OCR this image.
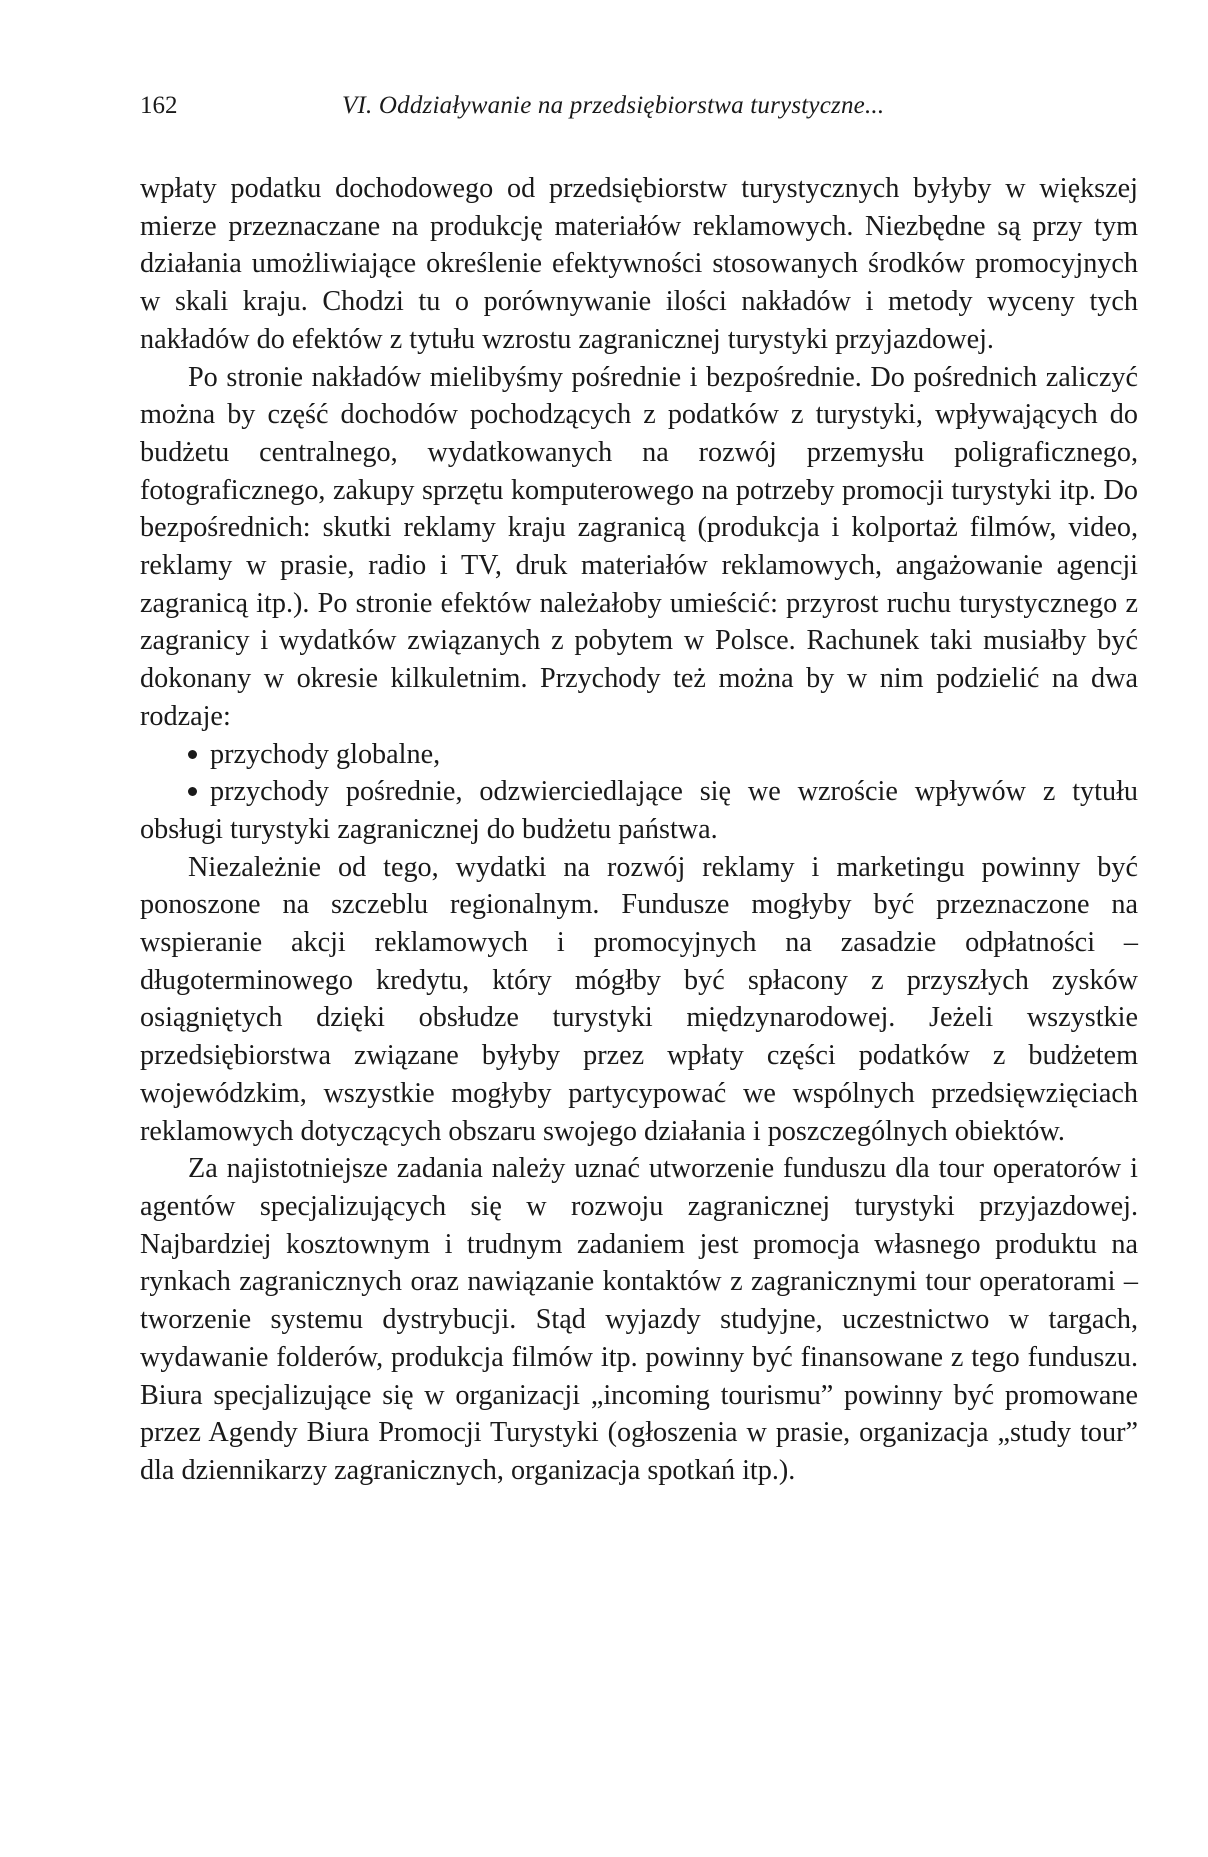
162	VI. Oddziaływanie na przedsiębiorstwa turystyczne...

wpłaty podatku dochodowego od przedsiębiorstw turystycznych byłyby w większej mierze przeznaczane na produkcję materiałów reklamowych. Niezbędne są przy tym działania umożliwiające określenie efektywności stosowanych środków promocyjnych w skali kraju. Chodzi tu o porównywanie ilości nakładów i metody wyceny tych nakładów do efektów z tytułu wzrostu zagranicznej turystyki przyjazdowej.

Po stronie nakładów mielibyśmy pośrednie i bezpośrednie. Do pośrednich zaliczyć można by część dochodów pochodzących z podatków z turystyki, wpływających do budżetu centralnego, wydatkowanych na rozwój przemysłu poligraficznego, fotograficznego, zakupy sprzętu komputerowego na potrzeby promocji turystyki itp. Do bezpośrednich: skutki reklamy kraju zagranicą (produkcja i kolportaż filmów, video, reklamy w prasie, radio i TV, druk materiałów reklamowych, angażowanie agencji zagranicą itp.). Po stronie efektów należałoby umieścić: przyrost ruchu turystycznego z zagranicy i wydatków związanych z pobytem w Polsce. Rachunek taki musiałby być dokonany w okresie kilkuletnim. Przychody też można by w nim podzielić na dwa rodzaje:

przychody globalne,
przychody pośrednie, odzwierciedlające się we wzroście wpływów z tytułu obsługi turystyki zagranicznej do budżetu państwa.

Niezależnie od tego, wydatki na rozwój reklamy i marketingu powinny być ponoszone na szczeblu regionalnym. Fundusze mogłyby być przeznaczone na wspieranie akcji reklamowych i promocyjnych na zasadzie odpłatności – długoterminowego kredytu, który mógłby być spłacony z przyszłych zysków osiągniętych dzięki obsłudze turystyki międzynarodowej. Jeżeli wszystkie przedsiębiorstwa związane byłyby przez wpłaty części podatków z budżetem wojewódzkim, wszystkie mogłyby partycypować we wspólnych przedsięwzięciach reklamowych dotyczących obszaru swojego działania i poszczególnych obiektów.

Za najistotniejsze zadania należy uznać utworzenie funduszu dla tour operatorów i agentów specjalizujących się w rozwoju zagranicznej turystyki przyjazdowej. Najbardziej kosztownym i trudnym zadaniem jest promocja własnego produktu na rynkach zagranicznych oraz nawiązanie kontaktów z zagranicznymi tour operatorami – tworzenie systemu dystrybucji. Stąd wyjazdy studyjne, uczestnictwo w targach, wydawanie folderów, produkcja filmów itp. powinny być finansowane z tego funduszu. Biura specjalizujące się w organizacji „incoming tourismu” powinny być promowane przez Agendy Biura Promocji Turystyki (ogłoszenia w prasie, organizacja „study tour” dla dziennikarzy zagranicznych, organizacja spotkań itp.).
